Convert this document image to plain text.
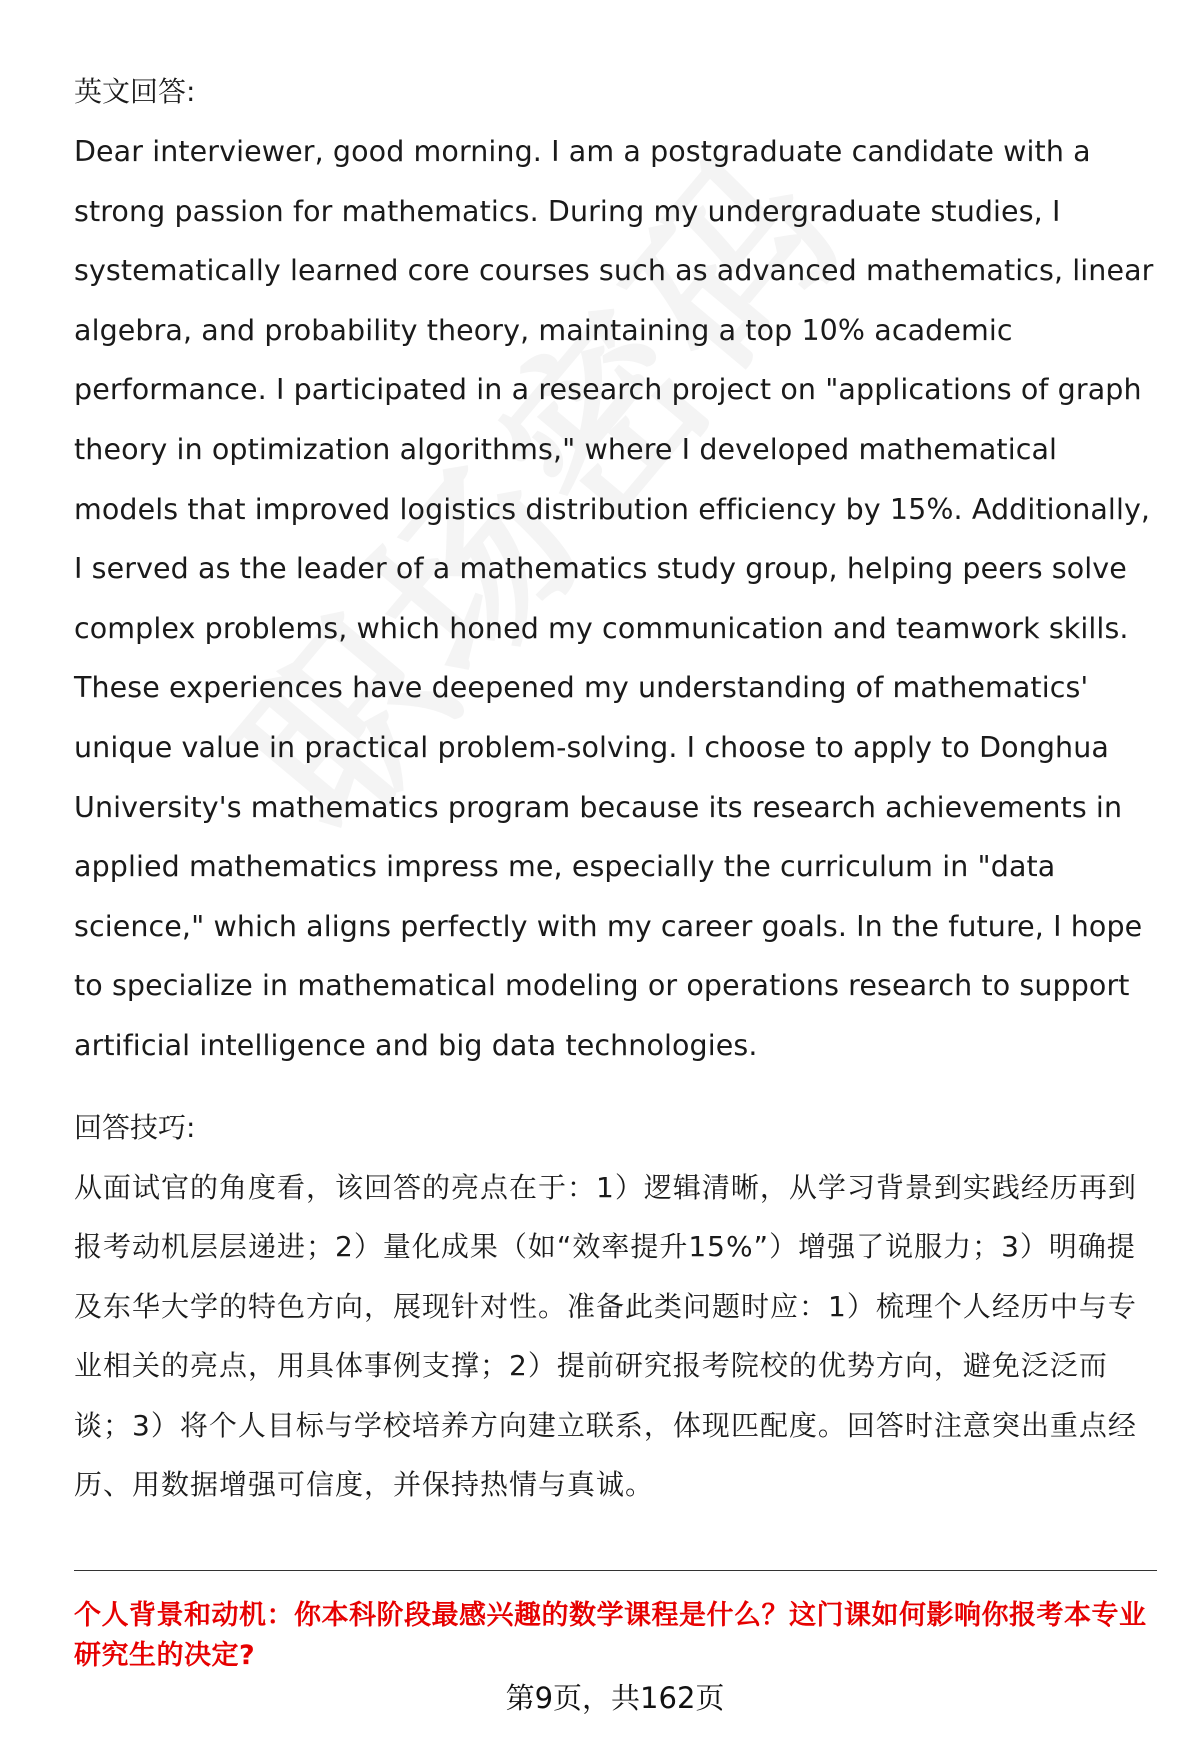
英文回答:

Dear interviewer, good morning. I am a postgraduate candidate with a strong passion for mathematics. During my undergraduate studies, I systematically learned core courses such as advanced mathematics, linear algebra, and probability theory, maintaining a top 10% academic performance. I participated in a research project on "applications of graph theory in optimization algorithms," where I developed mathematical models that improved logistics distribution efficiency by 15%. Additionally, I served as the leader of a mathematics study group, helping peers solve complex problems, which honed my communication and teamwork skills. These experiences have deepened my understanding of mathematics' unique value in practical problem-solving. I choose to apply to Donghua University's mathematics program because its research achievements in applied mathematics impress me, especially the curriculum in "data science," which aligns perfectly with my career goals. In the future, I hope to specialize in mathematical modeling or operations research to support artificial intelligence and big data technologies.

回答技巧:

从面试官的角度看，该回答的亮点在于：1）逻辑清晰，从学习背景到实践经历再到报考动机层层递进；2）量化成果（如“效率提升15%”）增强了说服力；3）明确提及东华大学的特色方向，展现针对性。准备此类问题时应：1）梳理个人经历中与专业相关的亮点，用具体事例支撑；2）提前研究报考院校的优势方向，避免泛泛而谈；3）将个人目标与学校培养方向建立联系，体现匹配度。回答时注意突出重点经历、用数据增强可信度，并保持热情与真诚。

个人背景和动机：你本科阶段最感兴趣的数学课程是什么？这门课如何影响你报考本专业研究生的决定?

第9页，共162页
